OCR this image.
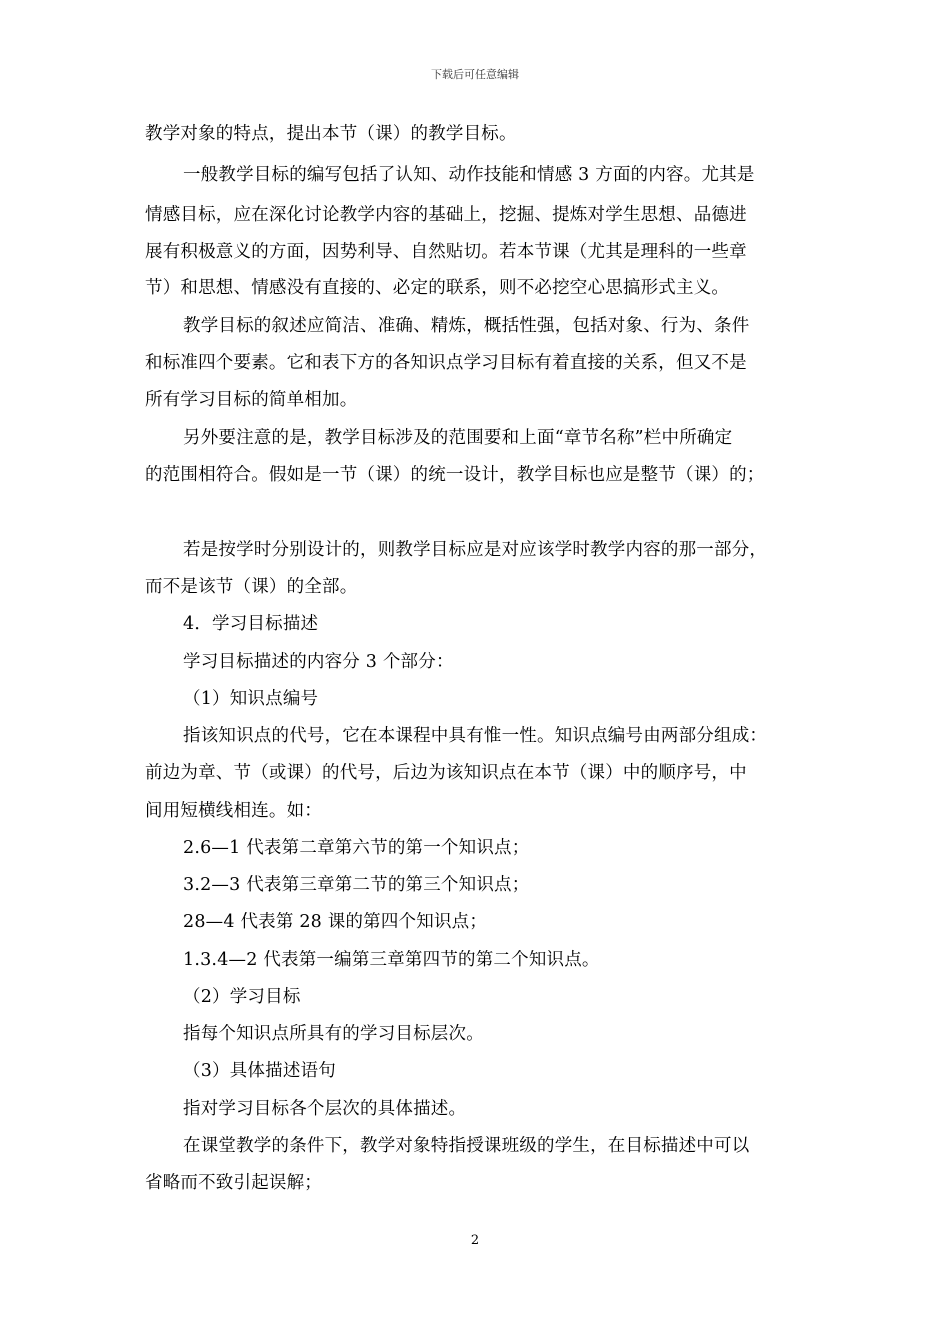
下载后可任意编辑
教学对象的特点，提出本节（课）的教学目标。
一般教学目标的编写包括了认知、动作技能和情感 3 方面的内容。尤其是
情感目标，应在深化讨论教学内容的基础上，挖掘、提炼对学生思想、品德进
展有积极意义的方面，因势利导、自然贴切。若本节课（尤其是理科的一些章
节）和思想、情感没有直接的、必定的联系，则不必挖空心思搞形式主义。
教学目标的叙述应简洁、准确、精炼，概括性强，包括对象、行为、条件
和标准四个要素。它和表下方的各知识点学习目标有着直接的关系，但又不是
所有学习目标的简单相加。
另外要注意的是，教学目标涉及的范围要和上面“章节名称”栏中所确定
的范围相符合。假如是一节（课）的统一设计，教学目标也应是整节（课）的；
若是按学时分别设计的，则教学目标应是对应该学时教学内容的那一部分，
而不是该节（课）的全部。
4．学习目标描述
学习目标描述的内容分 3 个部分：
（1）知识点编号
指该知识点的代号，它在本课程中具有惟一性。知识点编号由两部分组成：
前边为章、节（或课）的代号，后边为该知识点在本节（课）中的顺序号，中
间用短横线相连。如：
2.6—1 代表第二章第六节的第一个知识点；
3.2—3 代表第三章第二节的第三个知识点；
28—4 代表第 28 课的第四个知识点；
1.3.4—2 代表第一编第三章第四节的第二个知识点。
（2）学习目标
指每个知识点所具有的学习目标层次。
（3）具体描述语句
指对学习目标各个层次的具体描述。
在课堂教学的条件下，教学对象特指授课班级的学生，在目标描述中可以
省略而不致引起误解；
2
